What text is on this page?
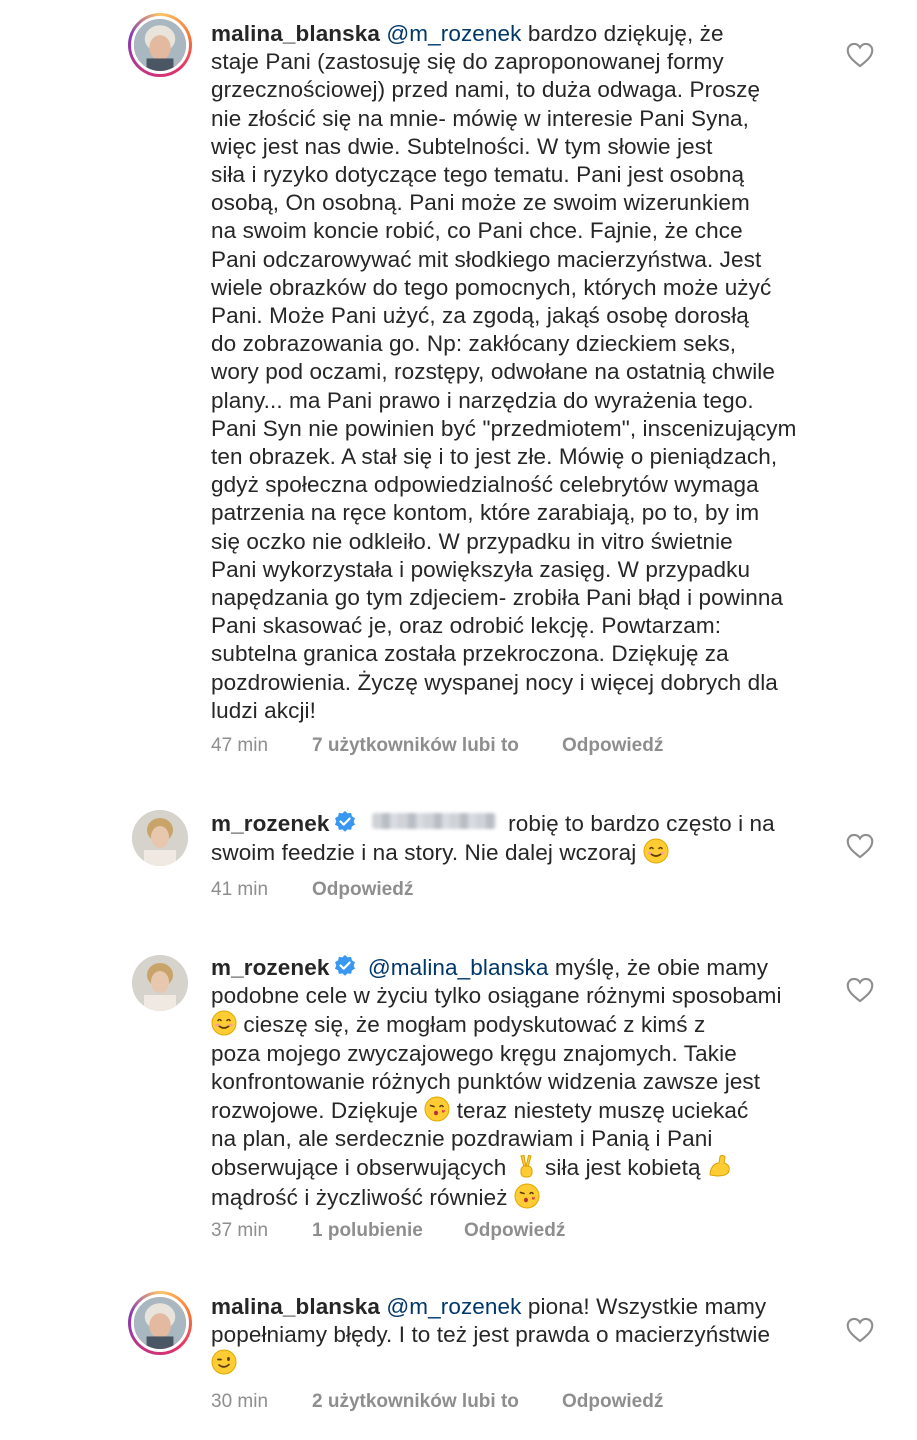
malina_blanska @m_rozenek bardzo dziękuję, że
staje Pani (zastosuję się do zaproponowanej formy
grzecznościowej) przed nami, to duża odwaga. Proszę
nie złościć się na mnie- mówię w interesie Pani Syna,
więc jest nas dwie. Subtelności. W tym słowie jest
siła i ryzyko dotyczące tego tematu. Pani jest osobną
osobą, On osobną. Pani może ze swoim wizerunkiem
na swoim koncie robić, co Pani chce. Fajnie, że chce
Pani odczarowywać mit słodkiego macierzyństwa. Jest
wiele obrazków do tego pomocnych, których może użyć
Pani. Może Pani użyć, za zgodą, jakąś osobę dorosłą
do zobrazowania go. Np: zakłócany dzieckiem seks,
wory pod oczami, rozstępy, odwołane na ostatnią chwile
plany... ma Pani prawo i narzędzia do wyrażenia tego.
Pani Syn nie powinien być "przedmiotem", inscenizującym
ten obrazek. A stał się i to jest złe. Mówię o pieniądzach,
gdyż społeczna odpowiedzialność celebrytów wymaga
patrzenia na ręce kontom, które zarabiają, po to, by im
się oczko nie odkleiło. W przypadku in vitro świetnie
Pani wykorzystała i powiększyła zasięg. W przypadku
napędzania go tym zdjeciem- zrobiła Pani błąd i powinna
Pani skasować je, oraz odrobić lekcję. Powtarzam:
subtelna granica została przekroczona. Dziękuję za
pozdrowienia. Życzę wyspanej nocy i więcej dobrych dla
ludzi akcji!
47 min 7 użytkowników lubi to Odpowiedź
m_rozenek	robię to bardzo często i na
swoim feedzie i na story. Nie dalej wczoraj
41 min Odpowiedź
m_rozenek @malina_blanska myślę, że obie mamy
podobne cele w życiu tylko osiągane różnymi sposobami
cieszę się, że mogłam podyskutować z kimś z
poza mojego zwyczajowego kręgu znajomych. Takie
konfrontowanie różnych punktów widzenia zawsze jest
rozwojowe. Dziękuje  teraz niestety muszę uciekać
na plan, ale serdecznie pozdrawiam i Panią i Pani
obserwujące i obserwujących  siła jest kobietą
mądrość i życzliwość również
37 min 1 polubienie Odpowiedź
malina_blanska @m_rozenek piona! Wszystkie mamy
popełniamy błędy. I to też jest prawda o macierzyństwie
30 min 2 użytkowników lubi to Odpowiedź
